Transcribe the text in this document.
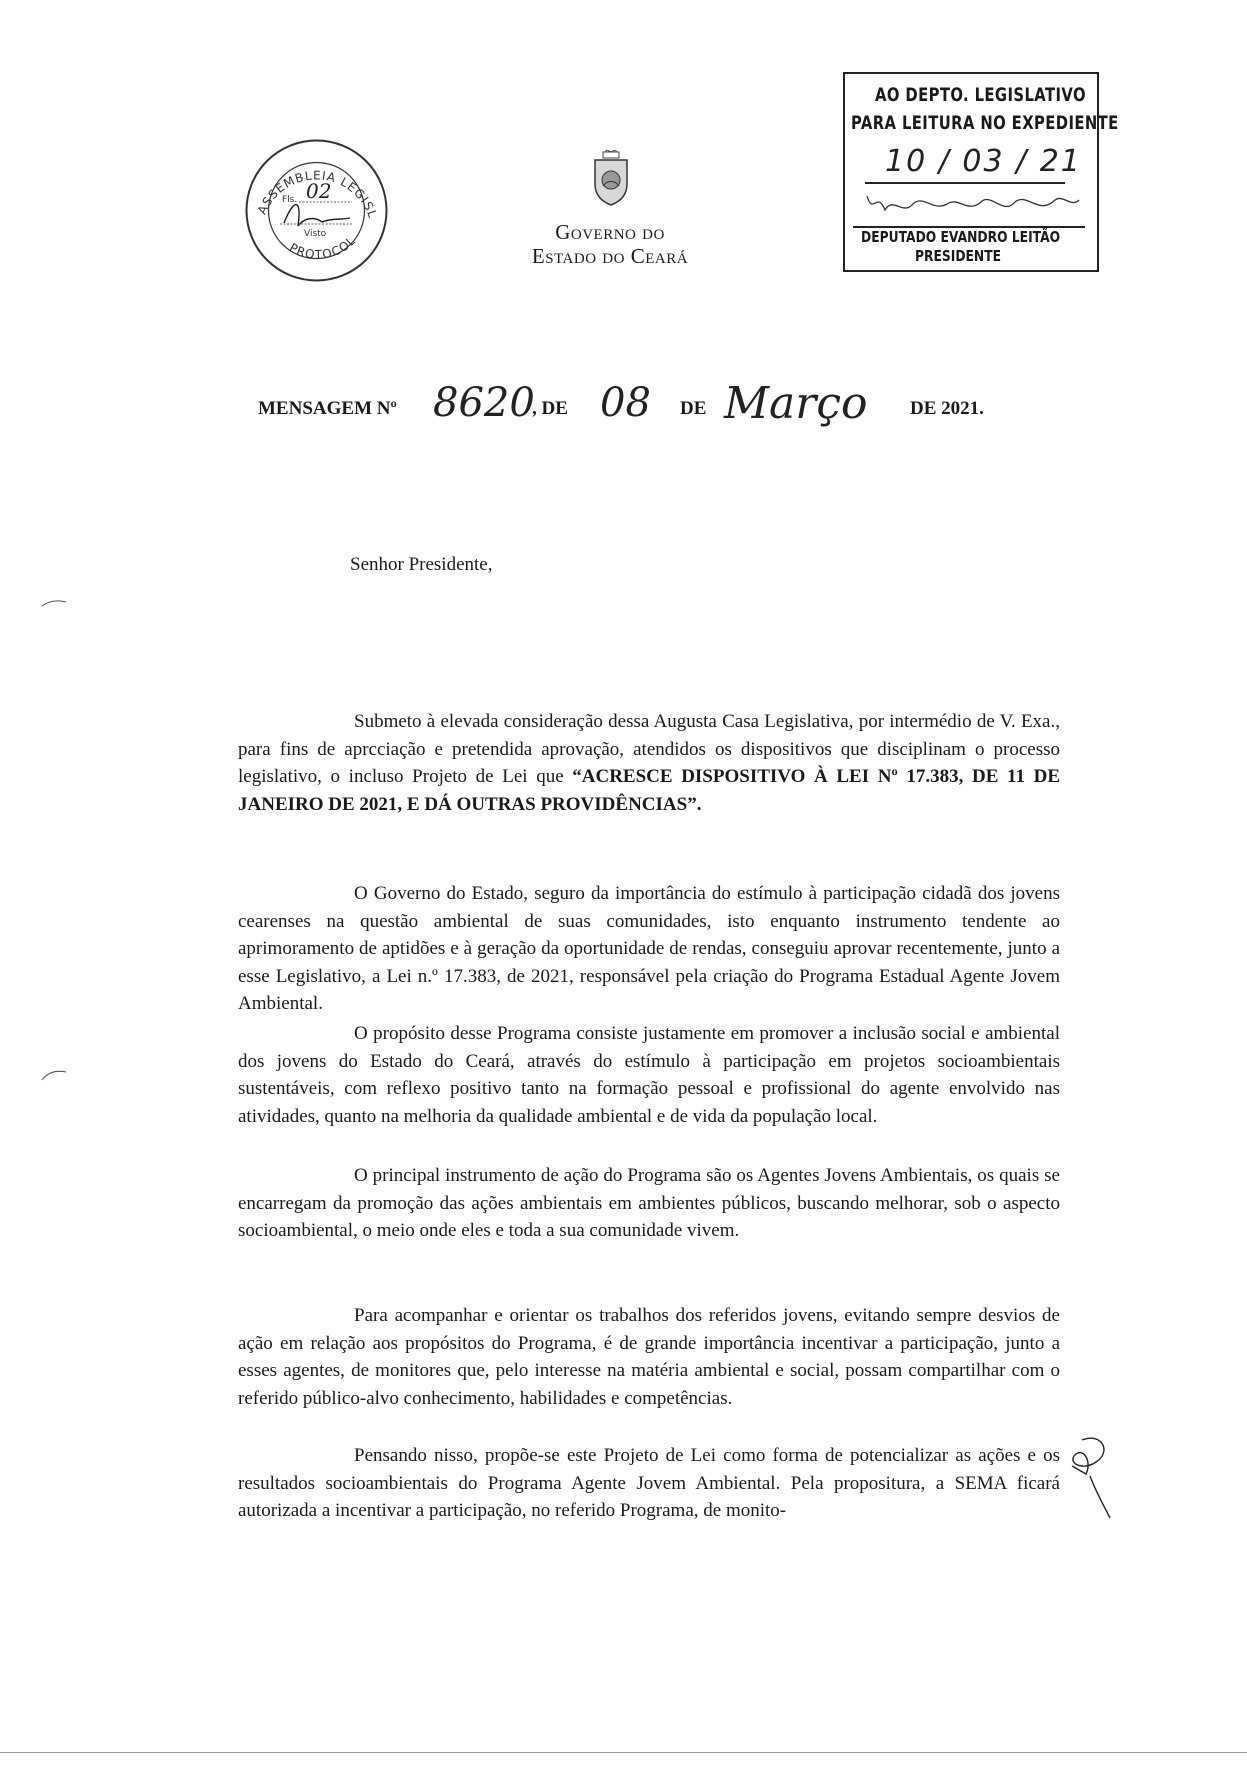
ASSEMBLEIA LEGISL
PROTOCOL
Fls. 02
Visto	Governo do
Estado do Ceará
AO DEPTO. LEGISLATIVO
PARA LEITURA NO EXPEDIENTE
10 / 03 / 21
DEPUTADO EVANDRO LEITÃO
PRESIDENTE
MENSAGEM Nº 8620
, DE 08 DE Março DE 2021.
Senhor Presidente,
Submeto à elevada consideração dessa Augusta Casa Legislativa, por intermédio de V. Exa., para fins de aprcciação e pretendida aprovação, atendidos os dispositivos que disciplinam o processo legislativo, o incluso Projeto de Lei que “ACRESCE DISPOSITIVO À LEI Nº 17.383, DE 11 DE JANEIRO DE 2021, E DÁ OUTRAS PROVIDÊNCIAS”.
O Governo do Estado, seguro da importância do estímulo à participação cidadã dos jovens cearenses na questão ambiental de suas comunidades, isto enquanto instrumento tendente ao aprimoramento de aptidões e à geração da oportunidade de rendas, conseguiu aprovar recentemente, junto a esse Legislativo, a Lei n.º 17.383, de 2021, responsável pela criação do Programa Estadual Agente Jovem Ambiental.
O propósito desse Programa consiste justamente em promover a inclusão social e ambiental dos jovens do Estado do Ceará, através do estímulo à participação em projetos socioambientais sustentáveis, com reflexo positivo tanto na formação pessoal e profissional do agente envolvido nas atividades, quanto na melhoria da qualidade ambiental e de vida da população local.
O principal instrumento de ação do Programa são os Agentes Jovens Ambientais, os quais se encarregam da promoção das ações ambientais em ambientes públicos, buscando melhorar, sob o aspecto socioambiental, o meio onde eles e toda a sua comunidade vivem.
Para acompanhar e orientar os trabalhos dos referidos jovens, evitando sempre desvios de ação em relação aos propósitos do Programa, é de grande importância incentivar a participação, junto a esses agentes, de monitores que, pelo interesse na matéria ambiental e social, possam compartilhar com o referido público-alvo conhecimento, habilidades e competências.
Pensando nisso, propõe-se este Projeto de Lei como forma de potencializar as ações e os resultados socioambientais do Programa Agente Jovem Ambiental. Pela propositura, a SEMA ficará autorizada a incentivar a participação, no referido Programa, de monito-
